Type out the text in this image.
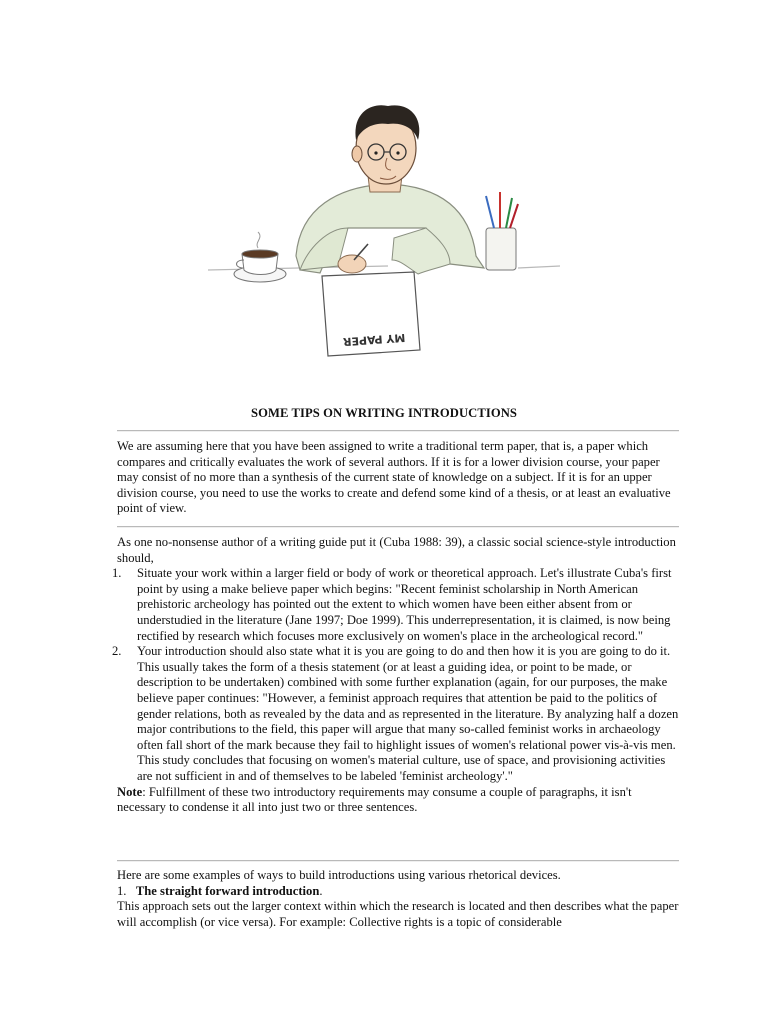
MY PAPER
SOME TIPS ON WRITING INTRODUCTIONS

We are assuming here that you have been assigned to write a traditional term paper, that is, a paper which compares and critically evaluates the work of several authors. If it is for a lower division course, your paper may consist of no more than a synthesis of the current state of knowledge on a subject. If it is for an upper division course, you need to use the works to create and defend some kind of a thesis, or at least an evaluative point of view.

As one no-nonsense author of a writing guide put it (Cuba 1988: 39), a classic social science-style introduction should,

1. Situate your work within a larger field or body of work or theoretical approach. Let's illustrate Cuba's first point by using a make believe paper which begins: "Recent feminist scholarship in North American prehistoric archeology has pointed out the extent to which women have been either absent from or understudied in the literature (Jane 1997; Doe 1999). This underrepresentation, it is claimed, is now being rectified by research which focuses more exclusively on women's place in the archeological record."
2. Your introduction should also state what it is you are going to do and then how it is you are going to do it. This usually takes the form of a thesis statement (or at least a guiding idea, or point to be made, or description to be undertaken) combined with some further explanation (again, for our purposes, the make believe paper continues: "However, a feminist approach requires that attention be paid to the politics of gender relations, both as revealed by the data and as represented in the literature. By analyzing half a dozen major contributions to the field, this paper will argue that many so-called feminist works in archaeology often fall short of the mark because they fail to highlight issues of women's relational power vis-à-vis men. This study concludes that focusing on women's material culture, use of space, and provisioning activities are not sufficient in and of themselves to be labeled 'feminist archeology'."

Note: Fulfillment of these two introductory requirements may consume a couple of paragraphs, it isn't necessary to condense it all into just two or three sentences.

Here are some examples of ways to build introductions using various rhetorical devices.

1. The straight forward introduction.

This approach sets out the larger context within which the research is located and then describes what the paper will accomplish (or vice versa). For example: Collective rights is a topic of considerable
